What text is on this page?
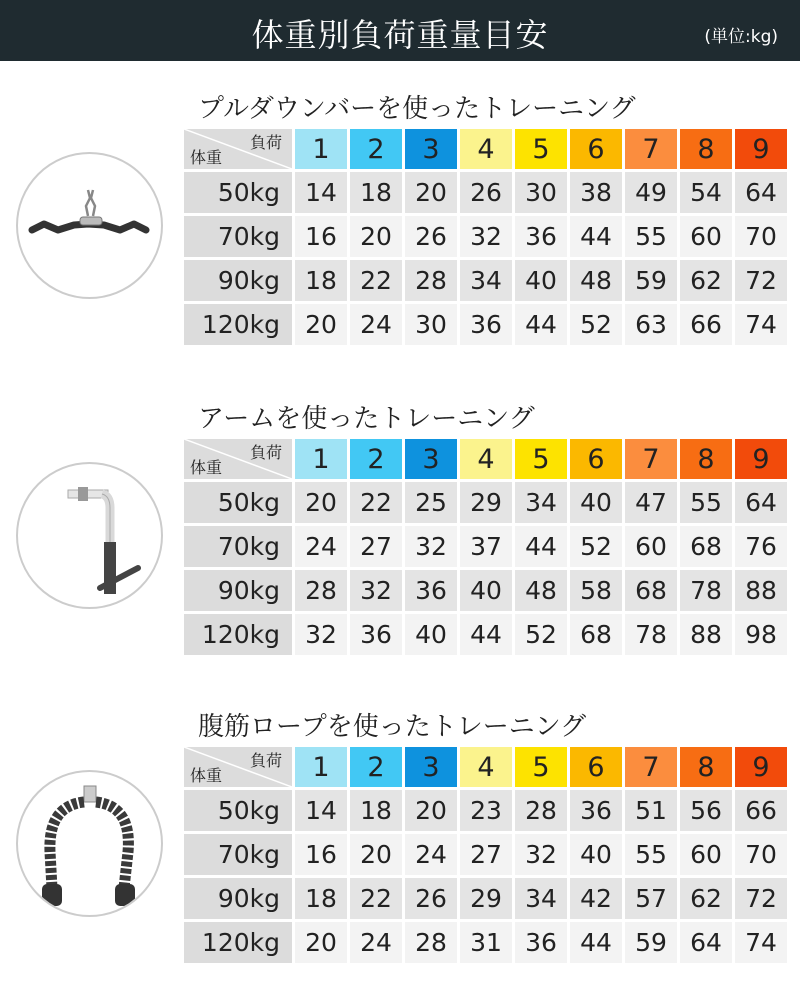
体重別負荷重量目安	(単位:kg)
プルダウンバーを使ったトレーニング
負荷
体重	1	2	3	4	5	6	7	8	9
50kg	14	18	20	26	30	38	49	54	64
70kg	16	20	26	32	36	44	55	60	70
90kg	18	22	28	34	40	48	59	62	72
120kg	20	24	30	36	44	52	63	66	74
アームを使ったトレーニング
負荷
体重	1	2	3	4	5	6	7	8	9
50kg	20	22	25	29	34	40	47	55	64
70kg	24	27	32	37	44	52	60	68	76
90kg	28	32	36	40	48	58	68	78	88
120kg	32	36	40	44	52	68	78	88	98
腹筋ロープを使ったトレーニング
負荷
体重	1	2	3	4	5	6	7	8	9
50kg	14	18	20	23	28	36	51	56	66
70kg	16	20	24	27	32	40	55	60	70
90kg	18	22	26	29	34	42	57	62	72
120kg	20	24	28	31	36	44	59	64	74
